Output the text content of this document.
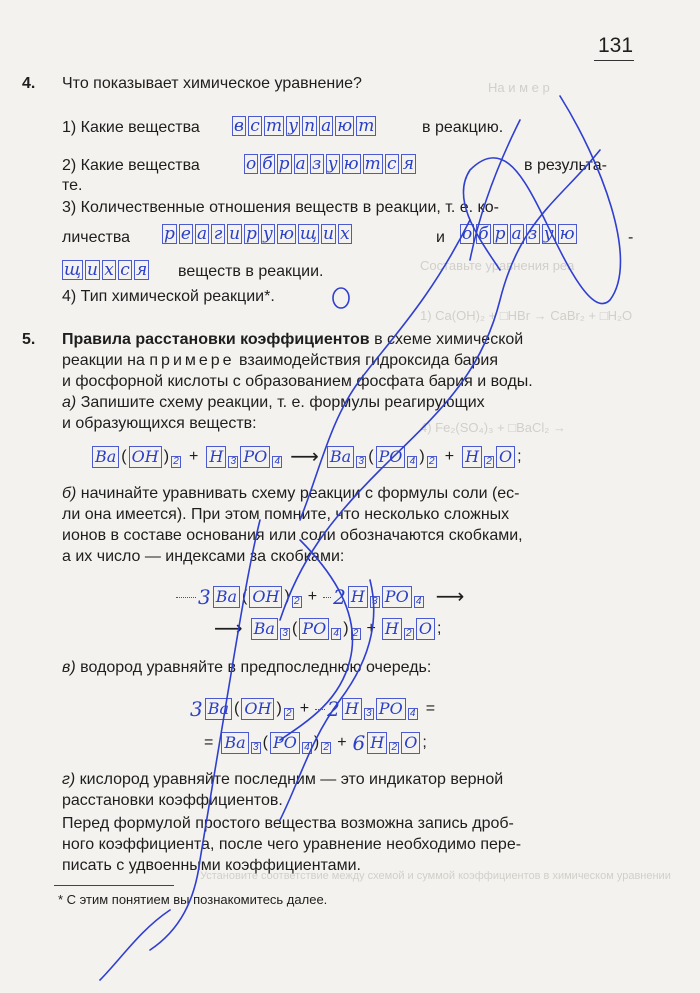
На и м е р
Составьте уравнения реа
1) Ca(OH)₂ + □HBr → CaBr₂ + □H₂O
4) Fe₂(SO₄)₃ + □BaCl₂ →
Установите соответствие между схемой и суммой коэффициентов в химическом уравнении
131
4. Что показывает химическое уравнение?
1) Какие вещества в с т у п а ю т	в реакцию.
2) Какие вещества	о б р а з у ю т с я	в результа-
те.
3) Количественные отношения веществ в реакции, т. е. ко-
личества р е а г и р у ю щ и х	и о б р а з у ю	-
щ и х с я веществ в реакции.
4) Тип химической реакции*.
5. Правила расстановки коэффициентов в схеме химической
реакции на примере взаимодействия гидроксида бария
и фосфорной кислоты с образованием фосфата бария и воды.
а) Запишите схему реакции, т. е. формулы реагирующих
и образующихся веществ:
Ba ( OH ) 2 + H 3 PO 4 ⟶ Ba 3 ( PO 4 ) 2 + H 2 O ;
б) начинайте уравнивать схему реакции с формулы соли (ес-
ли она имеется). При этом помните, что несколько сложных
ионов в составе основания или соли обозначаются скобками,
а их число — индексами за скобками:
3 Ba ( OH ) 2 + 2 H 3 PO 4 ⟶
⟶ Ba 3 ( PO 4 ) 2 + H 2 O ;
в) водород уравняйте в предпоследнюю очередь:
3 Ba ( OH ) 2 + 2 H 3 PO 4 =
= Ba 3 ( PO 4 ) 2 + 6 H 2 O ;
г) кислород уравняйте последним — это индикатор верной
расстановки коэффициентов.
Перед формулой простого вещества возможна запись дроб-
ного коэффициента, после чего уравнение необходимо пере-
писать с удвоенными коэффициентами.
* С этим понятием вы познакомитесь далее.
